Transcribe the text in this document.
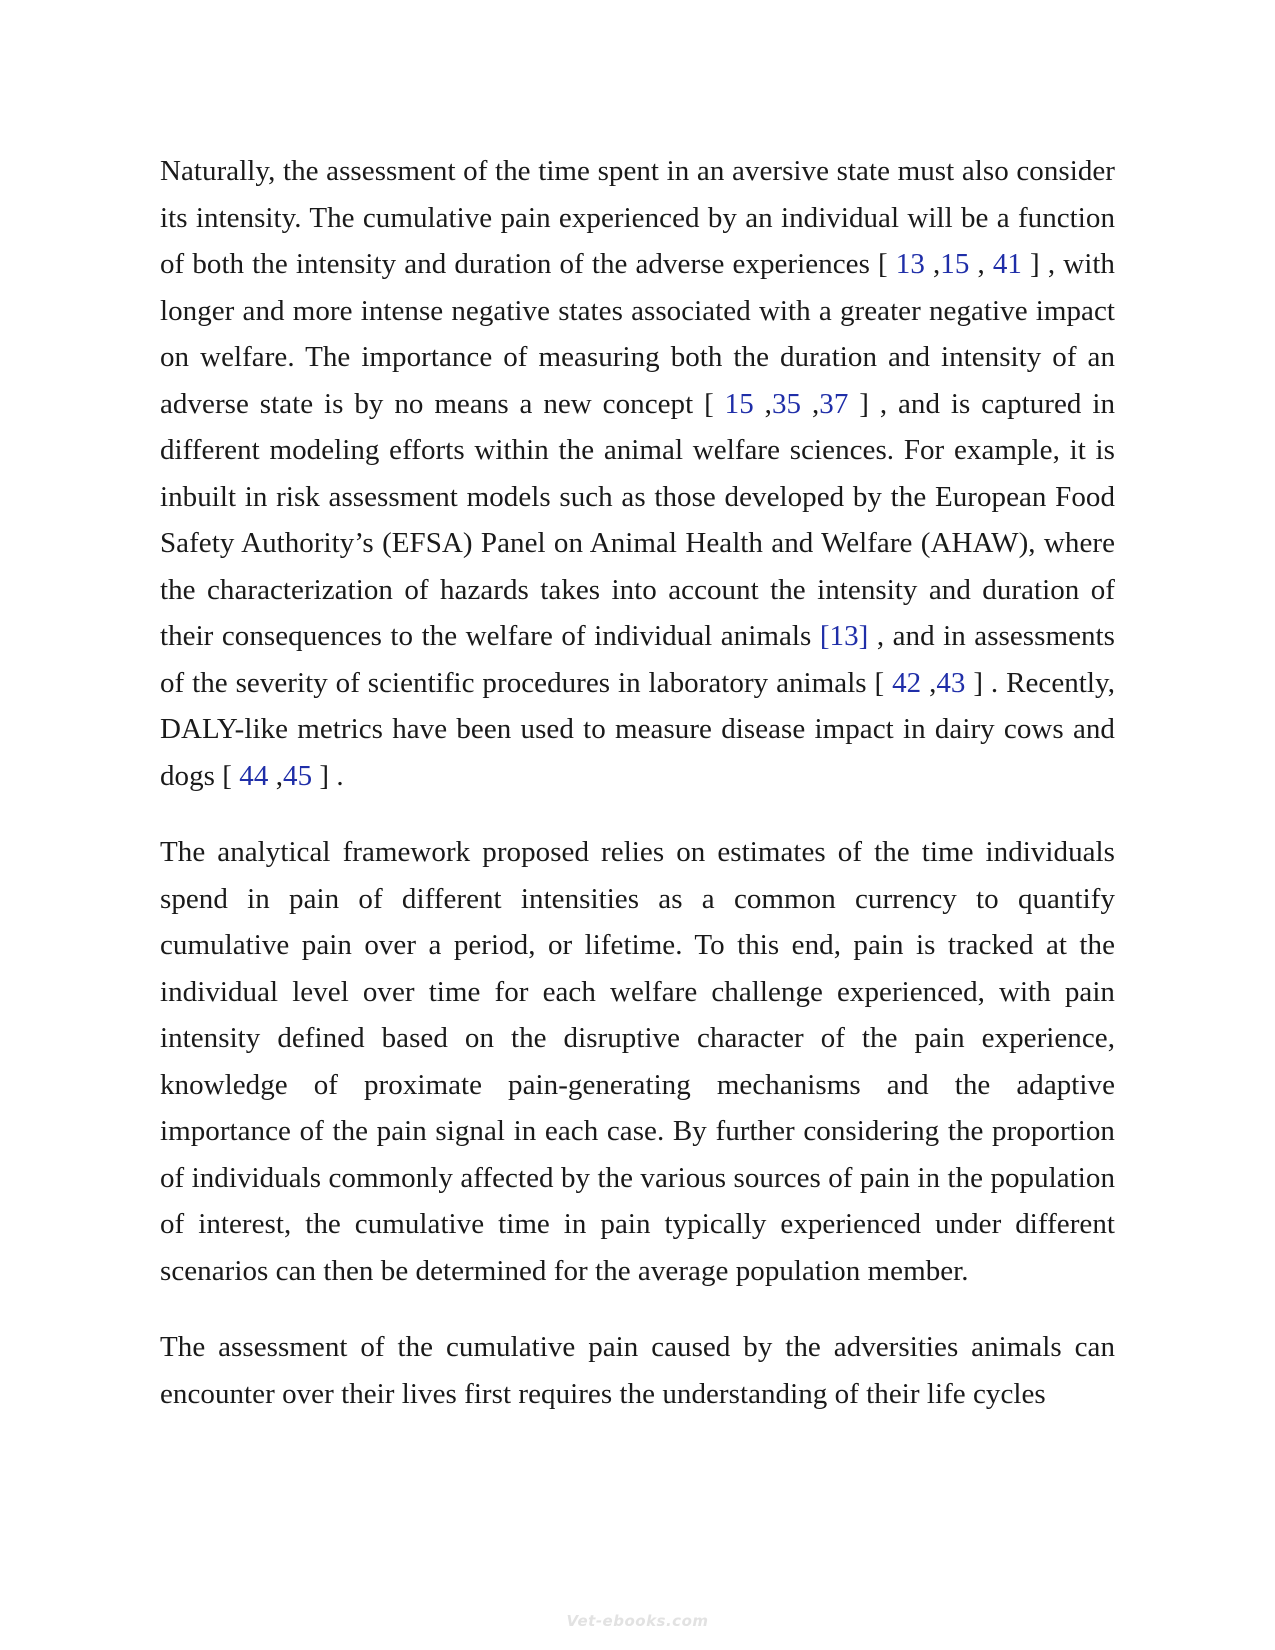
Naturally, the assessment of the time spent in an aversive state must also consider its intensity. The cumulative pain experienced by an individual will be a function of both the intensity and duration of the adverse experiences [ 13 ,15 , 41 ] , with longer and more intense negative states associated with a greater negative impact on welfare. The importance of measuring both the duration and intensity of an adverse state is by no means a new concept [ 15 ,35 ,37 ] , and is captured in different modeling efforts within the animal welfare sciences. For example, it is inbuilt in risk assessment models such as those developed by the European Food Safety Authority’s (EFSA) Panel on Animal Health and Welfare (AHAW), where the characterization of hazards takes into account the intensity and duration of their consequences to the welfare of individual animals [13] , and in assessments of the severity of scientific procedures in laboratory animals [ 42 ,43 ] . Recently, DALY-like metrics have been used to measure disease impact in dairy cows and dogs [ 44 ,45 ] .

The analytical framework proposed relies on estimates of the time individuals spend in pain of different intensities as a common currency to quantify cumulative pain over a period, or lifetime. To this end, pain is tracked at the individual level over time for each welfare challenge experienced, with pain intensity defined based on the disruptive character of the pain experience, knowledge of proximate pain-generating mechanisms and the adaptive importance of the pain signal in each case. By further considering the proportion of individuals commonly affected by the various sources of pain in the population of interest, the cumulative time in pain typically experienced under different scenarios can then be determined for the average population member.

The assessment of the cumulative pain caused by the adversities animals can encounter over their lives first requires the understanding of their life cycles

Vet-ebooks.com
